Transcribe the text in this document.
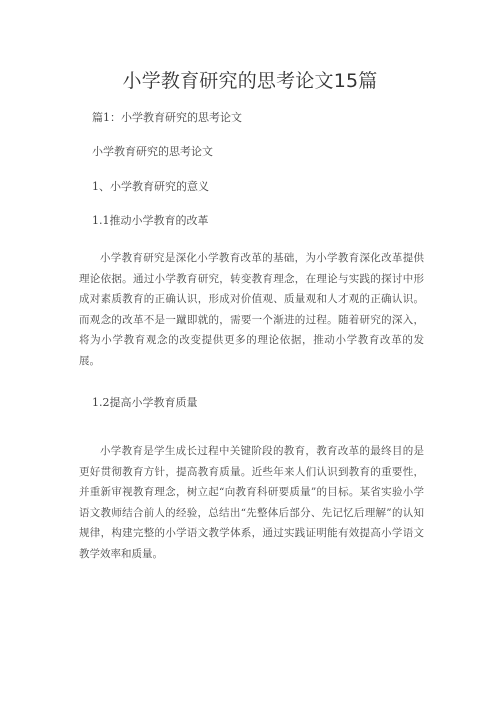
小学教育研究的思考论文15篇
篇1：小学教育研究的思考论文
小学教育研究的思考论文
1、小学教育研究的意义
1.1推动小学教育的改革
小学教育研究是深化小学教育改革的基础，为小学教育深化改革提供理论依据。通过小学教育研究，转变教育理念，在理论与实践的探讨中形成对素质教育的正确认识，形成对价值观、质量观和人才观的正确认识。而观念的改革不是一蹴即就的，需要一个渐进的过程。随着研究的深入，将为小学教育观念的改变提供更多的理论依据，推动小学教育改革的发展。
1.2提高小学教育质量
小学教育是学生成长过程中关键阶段的教育，教育改革的最终目的是更好贯彻教育方针，提高教育质量。近些年来人们认识到教育的重要性，并重新审视教育理念，树立起“向教育科研要质量”的目标。某省实验小学语文教师结合前人的经验，总结出“先整体后部分、先记忆后理解”的认知规律，构建完整的小学语文教学体系，通过实践证明能有效提高小学语文教学效率和质量。
